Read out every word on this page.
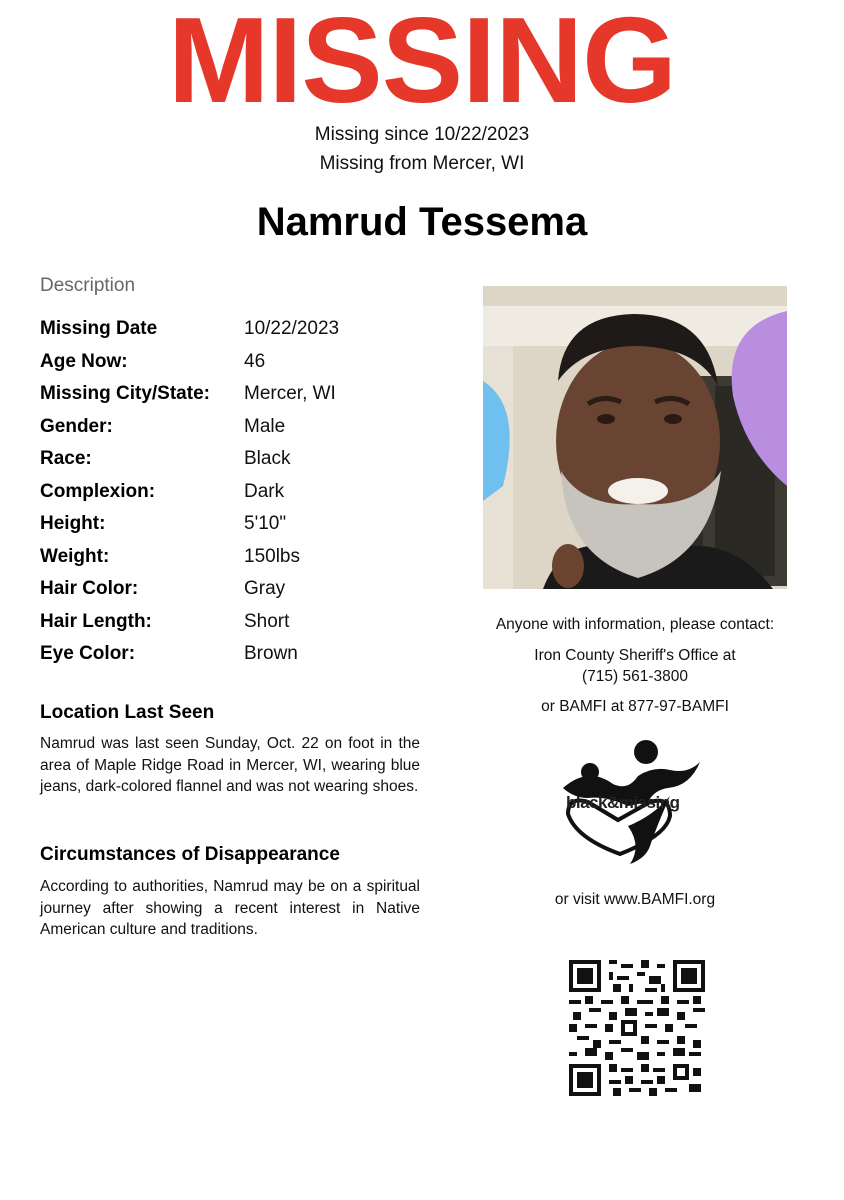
MISSING
Missing since 10/22/2023
Missing from Mercer, WI
Namrud Tessema
Description
Missing Date	10/22/2023
Age Now:	46
Missing City/State:	Mercer, WI
Gender:	Male
Race:	Black
Complexion:	Dark
Height:	5'10"
Weight:	150lbs
Hair Color:	Gray
Hair Length:	Short
Eye Color:	Brown
Location Last Seen
Namrud was last seen Sunday, Oct. 22 on foot in the area of Maple Ridge Road in Mercer, WI, wearing blue jeans, dark-colored flannel and was not wearing shoes.
Circumstances of Disappearance
According to authorities, Namrud may be on a spiritual journey after showing a recent interest in Native American culture and traditions.
Anyone with information, please contact:
Iron County Sheriff's Office at
(715) 561-3800
or BAMFI at 877-97-BAMFI
black&missing
or visit www.BAMFI.org
